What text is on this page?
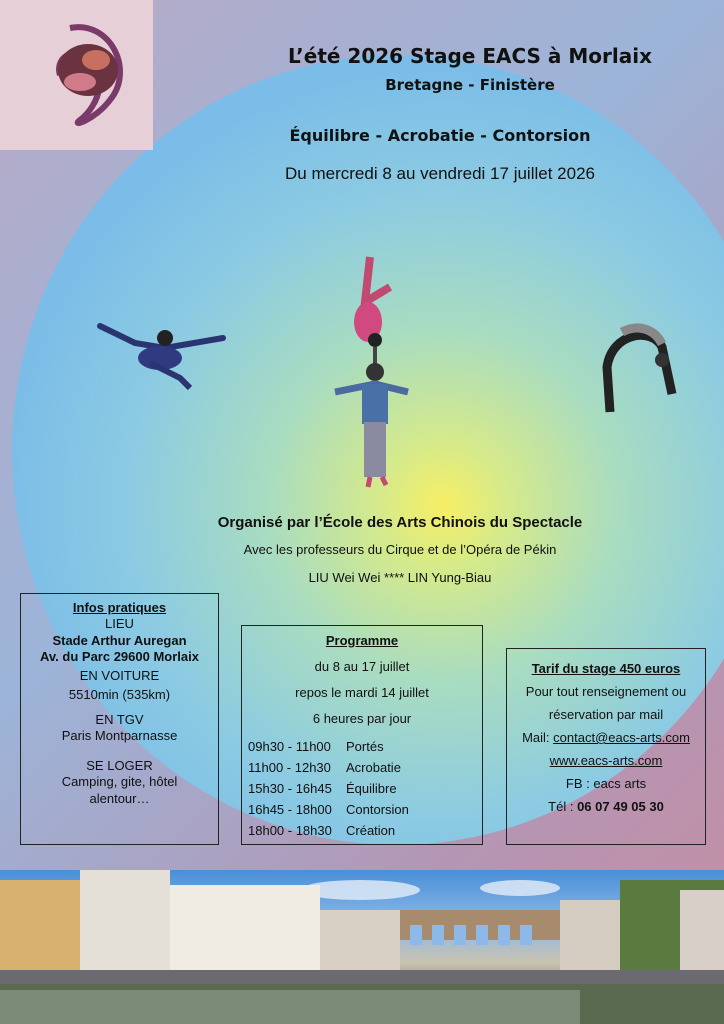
L’été 2026 Stage EACS à Morlaix
Bretagne - Finistère
Équilibre - Acrobatie - Contorsion
Du mercredi 8 au vendredi 17 juillet 2026
Organisé par l’École des Arts Chinois du Spectacle
Avec les professeurs du Cirque et de l’Opéra de Pékin
LIU Wei Wei **** LIN Yung-Biau
Infos pratiques
LIEU
Stade Arthur Auregan
Av. du Parc 29600 Morlaix
EN VOITURE
5510min (535km)
EN TGV
Paris Montparnasse
SE LOGER
Camping, gite, hôtel
alentour…
Programme
du 8 au 17 juillet
repos le mardi 14 juillet
6 heures par jour
09h30 - 11h00 Portés
11h00 - 12h30 Acrobatie
15h30 - 16h45 Équilibre
16h45 - 18h00 Contorsion
18h00 - 18h30 Création
Tarif du stage 450 euros
Pour tout renseignement ou
réservation par mail
Mail: contact@eacs-arts.com
www.eacs-arts.com
FB : eacs arts
Tél : 06 07 49 05 30
